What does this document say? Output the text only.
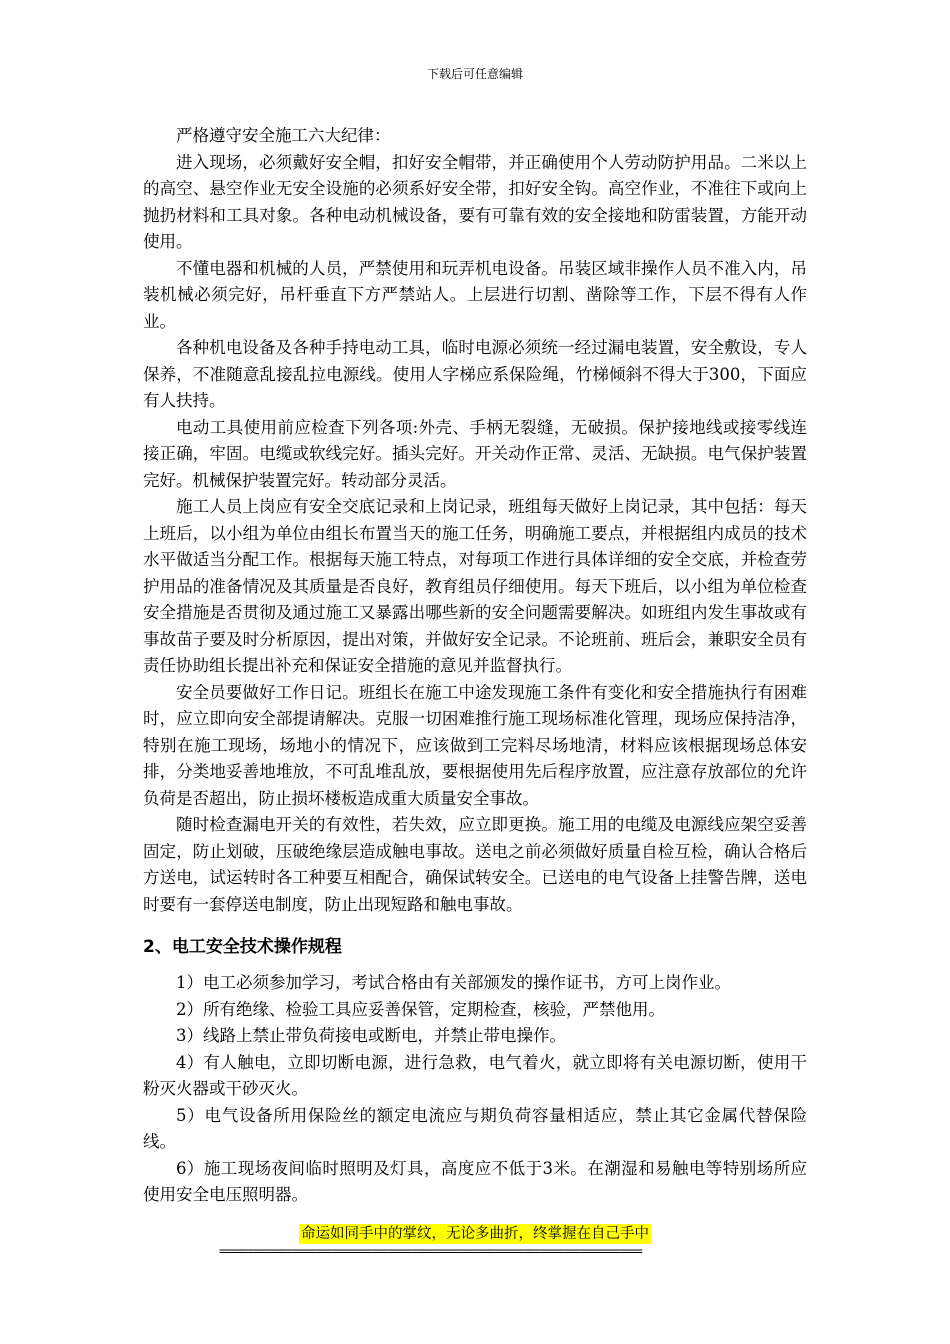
下载后可任意编辑

严格遵守安全施工六大纪律：

进入现场，必须戴好安全帽，扣好安全帽带，并正确使用个人劳动防护用品。二米以上的高空、悬空作业无安全设施的必须系好安全带，扣好安全钩。高空作业，不准往下或向上抛扔材料和工具对象。各种电动机械设备，要有可靠有效的安全接地和防雷装置，方能开动使用。

不懂电器和机械的人员，严禁使用和玩弄机电设备。吊装区域非操作人员不准入内，吊装机械必须完好，吊杆垂直下方严禁站人。上层进行切割、凿除等工作，下层不得有人作业。

各种机电设备及各种手持电动工具，临时电源必须统一经过漏电装置，安全敷设，专人保养，不准随意乱接乱拉电源线。使用人字梯应系保险绳，竹梯倾斜不得大于300，下面应有人扶持。

电动工具使用前应检查下列各项:外壳、手柄无裂缝，无破损。保护接地线或接零线连接正确，牢固。电缆或软线完好。插头完好。开关动作正常、灵活、无缺损。电气保护装置完好。机械保护装置完好。转动部分灵活。

施工人员上岗应有安全交底记录和上岗记录，班组每天做好上岗记录，其中包括：每天上班后，以小组为单位由组长布置当天的施工任务，明确施工要点，并根据组内成员的技术水平做适当分配工作。根据每天施工特点，对每项工作进行具体详细的安全交底，并检查劳护用品的准备情况及其质量是否良好，教育组员仔细使用。每天下班后，以小组为单位检查安全措施是否贯彻及通过施工又暴露出哪些新的安全问题需要解决。如班组内发生事故或有事故苗子要及时分析原因，提出对策，并做好安全记录。不论班前、班后会，兼职安全员有责任协助组长提出补充和保证安全措施的意见并监督执行。

安全员要做好工作日记。班组长在施工中途发现施工条件有变化和安全措施执行有困难时，应立即向安全部提请解决。克服一切困难推行施工现场标准化管理，现场应保持洁净，特别在施工现场，场地小的情况下，应该做到工完料尽场地清，材料应该根据现场总体安排，分类地妥善地堆放，不可乱堆乱放，要根据使用先后程序放置，应注意存放部位的允许负荷是否超出，防止损坏楼板造成重大质量安全事故。

随时检查漏电开关的有效性，若失效，应立即更换。施工用的电缆及电源线应架空妥善固定，防止划破，压破绝缘层造成触电事故。送电之前必须做好质量自检互检，确认合格后方送电，试运转时各工种要互相配合，确保试转安全。已送电的电气设备上挂警告牌，送电时要有一套停送电制度，防止出现短路和触电事故。

2、电工安全技术操作规程

1）电工必须参加学习，考试合格由有关部颁发的操作证书，方可上岗作业。

2）所有绝缘、检验工具应妥善保管，定期检查，核验，严禁他用。

3）线路上禁止带负荷接电或断电，并禁止带电操作。

4）有人触电，立即切断电源，进行急救，电气着火，就立即将有关电源切断，使用干粉灭火器或干砂灭火。

5）电气设备所用保险丝的额定电流应与期负荷容量相适应，禁止其它金属代替保险线。

6）施工现场夜间临时照明及灯具，高度应不低于3米。在潮湿和易触电等特别场所应使用安全电压照明器。

命运如同手中的掌纹，无论多曲折，终掌握在自己手中
===========================================================================
